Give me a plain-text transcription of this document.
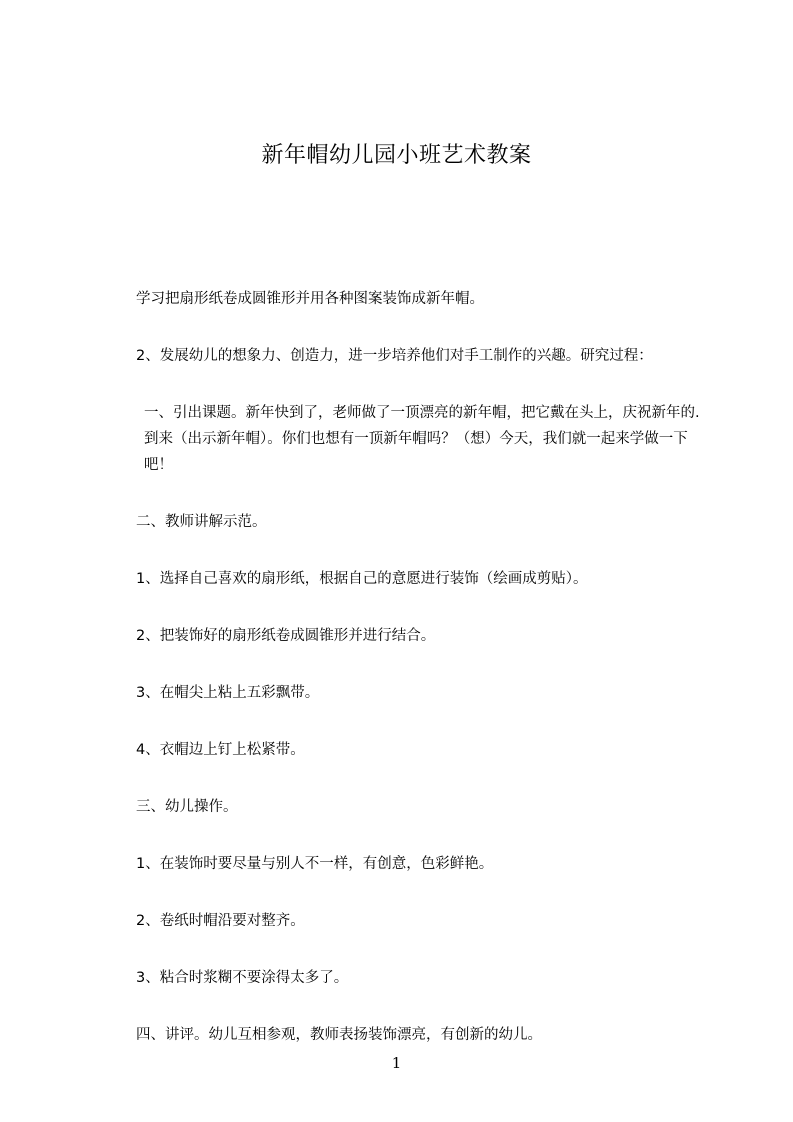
新年帽幼儿园小班艺术教案

学习把扇形纸卷成圆锥形并用各种图案装饰成新年帽。

2、发展幼儿的想象力、创造力，进一步培养他们对手工制作的兴趣。研究过程：

一、引出课题。新年快到了，老师做了一顶漂亮的新年帽，把它戴在头上，庆祝新年的.到来（出示新年帽）。你们也想有一顶新年帽吗？（想）今天，我们就一起来学做一下吧！

二、教师讲解示范。

1、选择自己喜欢的扇形纸，根据自己的意愿进行装饰（绘画成剪贴）。

2、把装饰好的扇形纸卷成圆锥形并进行结合。

3、在帽尖上粘上五彩飘带。

4、衣帽边上钉上松紧带。

三、幼儿操作。

1、在装饰时要尽量与别人不一样，有创意，色彩鲜艳。

2、卷纸时帽沿要对整齐。

3、粘合时浆糊不要涂得太多了。

四、讲评。幼儿互相参观，教师表扬装饰漂亮，有创新的幼儿。

1
